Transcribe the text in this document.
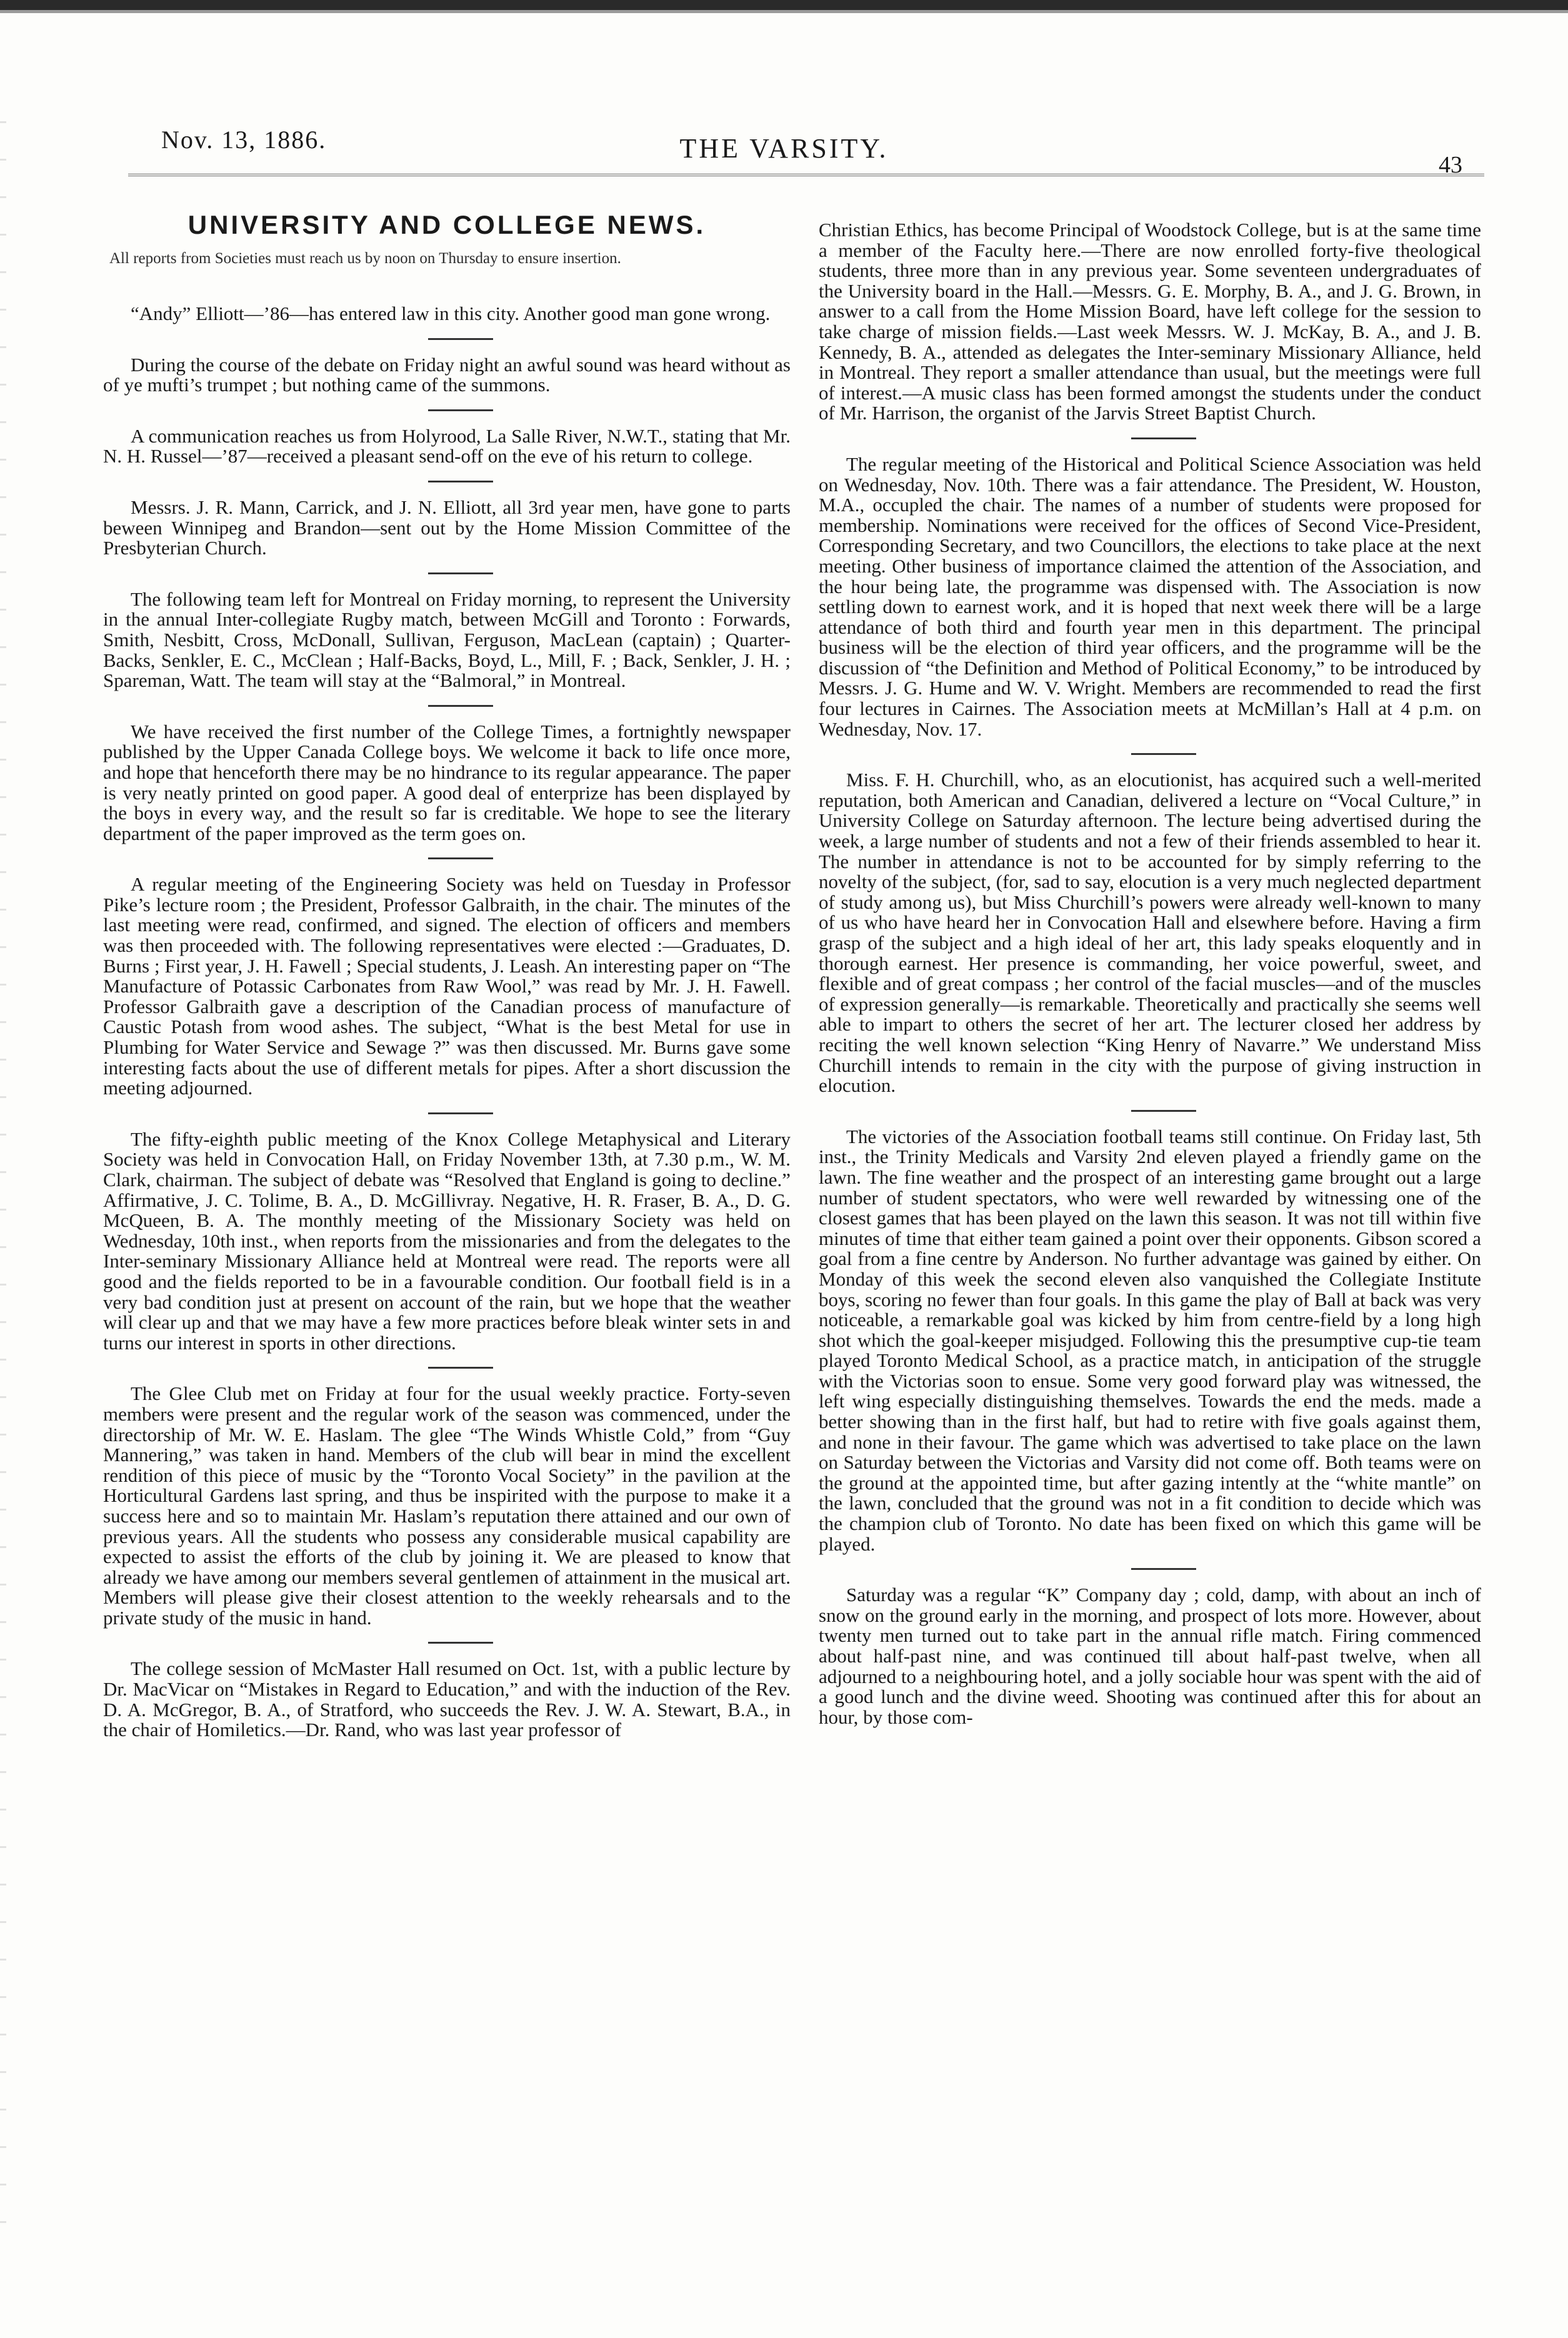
Nov. 13, 1886.	THE VARSITY.
43
UNIVERSITY AND COLLEGE NEWS.
All reports from Societies must reach us by noon on Thursday to ensure insertion.

“Andy” Elliott—’86—has entered law in this city. Another good man gone wrong.

During the course of the debate on Friday night an awful sound was heard without as of ye mufti’s trumpet ; but nothing came of the summons.

A communication reaches us from Holyrood, La Salle River, N.W.T., stating that Mr. N. H. Russel—’87—received a pleasant send-off on the eve of his return to college.

Messrs. J. R. Mann, Carrick, and J. N. Elliott, all 3rd year men, have gone to parts beween Winnipeg and Brandon—sent out by the Home Mission Committee of the Presbyterian Church.

The following team left for Montreal on Friday morning, to represent the University in the annual Inter-collegiate Rugby match, between McGill and Toronto : Forwards, Smith, Nesbitt, Cross, McDonall, Sullivan, Ferguson, MacLean (captain) ; Quarter-Backs, Senkler, E. C., McClean ; Half-Backs, Boyd, L., Mill, F. ; Back, Senkler, J. H. ; Spareman, Watt. The team will stay at the “Balmoral,” in Montreal.

We have received the first number of the College Times, a fortnightly newspaper published by the Upper Canada College boys. We welcome it back to life once more, and hope that henceforth there may be no hindrance to its regular appearance. The paper is very neatly printed on good paper. A good deal of enterprize has been displayed by the boys in every way, and the result so far is creditable. We hope to see the literary department of the paper improved as the term goes on.

A regular meeting of the Engineering Society was held on Tuesday in Professor Pike’s lecture room ; the President, Professor Galbraith, in the chair. The minutes of the last meeting were read, confirmed, and signed. The election of officers and members was then proceeded with. The following representatives were elected :—Graduates, D. Burns ; First year, J. H. Fawell ; Special students, J. Leash. An interesting paper on “The Manufacture of Potassic Carbonates from Raw Wool,” was read by Mr. J. H. Fawell. Professor Galbraith gave a description of the Canadian process of manufacture of Caustic Potash from wood ashes. The subject, “What is the best Metal for use in Plumbing for Water Service and Sewage ?” was then discussed. Mr. Burns gave some interesting facts about the use of different metals for pipes. After a short discussion the meeting adjourned.

The fifty-eighth public meeting of the Knox College Metaphysical and Literary Society was held in Convocation Hall, on Friday November 13th, at 7.30 p.m., W. M. Clark, chairman. The subject of debate was “Resolved that England is going to decline.” Affirmative, J. C. Tolime, B. A., D. McGillivray. Negative, H. R. Fraser, B. A., D. G. McQueen, B. A. The monthly meeting of the Missionary Society was held on Wednesday, 10th inst., when reports from the missionaries and from the delegates to the Inter-seminary Missionary Alliance held at Montreal were read. The reports were all good and the fields reported to be in a favourable condition. Our football field is in a very bad condition just at present on account of the rain, but we hope that the weather will clear up and that we may have a few more practices before bleak winter sets in and turns our interest in sports in other directions.

The Glee Club met on Friday at four for the usual weekly practice. Forty-seven members were present and the regular work of the season was commenced, under the directorship of Mr. W. E. Haslam. The glee “The Winds Whistle Cold,” from “Guy Mannering,” was taken in hand. Members of the club will bear in mind the excellent rendition of this piece of music by the “Toronto Vocal Society” in the pavilion at the Horticultural Gardens last spring, and thus be inspirited with the purpose to make it a success here and so to maintain Mr. Haslam’s reputation there attained and our own of previous years. All the students who possess any considerable musical capability are expected to assist the efforts of the club by joining it. We are pleased to know that already we have among our members several gentlemen of attainment in the musical art. Members will please give their closest attention to the weekly rehearsals and to the private study of the music in hand.

The college session of McMaster Hall resumed on Oct. 1st, with a public lecture by Dr. MacVicar on “Mistakes in Regard to Education,” and with the induction of the Rev. D. A. McGregor, B. A., of Stratford, who succeeds the Rev. J. W. A. Stewart, B.A., in the chair of Homiletics.—Dr. Rand, who was last year professor of

Christian Ethics, has become Principal of Woodstock College, but is at the same time a member of the Faculty here.—There are now enrolled forty-five theological students, three more than in any previous year. Some seventeen undergraduates of the University board in the Hall.—Messrs. G. E. Morphy, B. A., and J. G. Brown, in answer to a call from the Home Mission Board, have left college for the session to take charge of mission fields.—Last week Messrs. W. J. McKay, B. A., and J. B. Kennedy, B. A., attended as delegates the Inter-seminary Missionary Alliance, held in Montreal. They report a smaller attendance than usual, but the meetings were full of interest.—A music class has been formed amongst the students under the conduct of Mr. Harrison, the organist of the Jarvis Street Baptist Church.

The regular meeting of the Historical and Political Science Association was held on Wednesday, Nov. 10th. There was a fair attendance. The President, W. Houston, M.A., occupled the chair. The names of a number of students were proposed for membership. Nominations were received for the offices of Second Vice-President, Corresponding Secretary, and two Councillors, the elections to take place at the next meeting. Other business of importance claimed the attention of the Association, and the hour being late, the programme was dispensed with. The Association is now settling down to earnest work, and it is hoped that next week there will be a large attendance of both third and fourth year men in this department. The principal business will be the election of third year officers, and the programme will be the discussion of “the Definition and Method of Political Economy,” to be introduced by Messrs. J. G. Hume and W. V. Wright. Members are recommended to read the first four lectures in Cairnes. The Association meets at McMillan’s Hall at 4 p.m. on Wednesday, Nov. 17.

Miss. F. H. Churchill, who, as an elocutionist, has acquired such a well-merited reputation, both American and Canadian, delivered a lecture on “Vocal Culture,” in University College on Saturday afternoon. The lecture being advertised during the week, a large number of students and not a few of their friends assembled to hear it. The number in attendance is not to be accounted for by simply referring to the novelty of the subject, (for, sad to say, elocution is a very much neglected department of study among us), but Miss Churchill’s powers were already well-known to many of us who have heard her in Convocation Hall and elsewhere before. Having a firm grasp of the subject and a high ideal of her art, this lady speaks eloquently and in thorough earnest. Her presence is commanding, her voice powerful, sweet, and flexible and of great compass ; her control of the facial muscles—and of the muscles of expression generally—is remarkable. Theoretically and practically she seems well able to impart to others the secret of her art. The lecturer closed her address by reciting the well known selection “King Henry of Navarre.” We understand Miss Churchill intends to remain in the city with the purpose of giving instruction in elocution.

The victories of the Association football teams still continue. On Friday last, 5th inst., the Trinity Medicals and Varsity 2nd eleven played a friendly game on the lawn. The fine weather and the prospect of an interesting game brought out a large number of student spectators, who were well rewarded by witnessing one of the closest games that has been played on the lawn this season. It was not till within five minutes of time that either team gained a point over their opponents. Gibson scored a goal from a fine centre by Anderson. No further advantage was gained by either. On Monday of this week the second eleven also vanquished the Collegiate Institute boys, scoring no fewer than four goals. In this game the play of Ball at back was very noticeable, a remarkable goal was kicked by him from centre-field by a long high shot which the goal-keeper misjudged. Following this the presumptive cup-tie team played Toronto Medical School, as a practice match, in anticipation of the struggle with the Victorias soon to ensue. Some very good forward play was witnessed, the left wing especially distinguishing themselves. Towards the end the meds. made a better showing than in the first half, but had to retire with five goals against them, and none in their favour. The game which was advertised to take place on the lawn on Saturday between the Victorias and Varsity did not come off. Both teams were on the ground at the appointed time, but after gazing intently at the “white mantle” on the lawn, concluded that the ground was not in a fit condition to decide which was the champion club of Toronto. No date has been fixed on which this game will be played.

Saturday was a regular “K” Company day ; cold, damp, with about an inch of snow on the ground early in the morning, and prospect of lots more. However, about twenty men turned out to take part in the annual rifle match. Firing commenced about half-past nine, and was continued till about half-past twelve, when all adjourned to a neighbouring hotel, and a jolly sociable hour was spent with the aid of a good lunch and the divine weed. Shooting was continued after this for about an hour, by those com-
